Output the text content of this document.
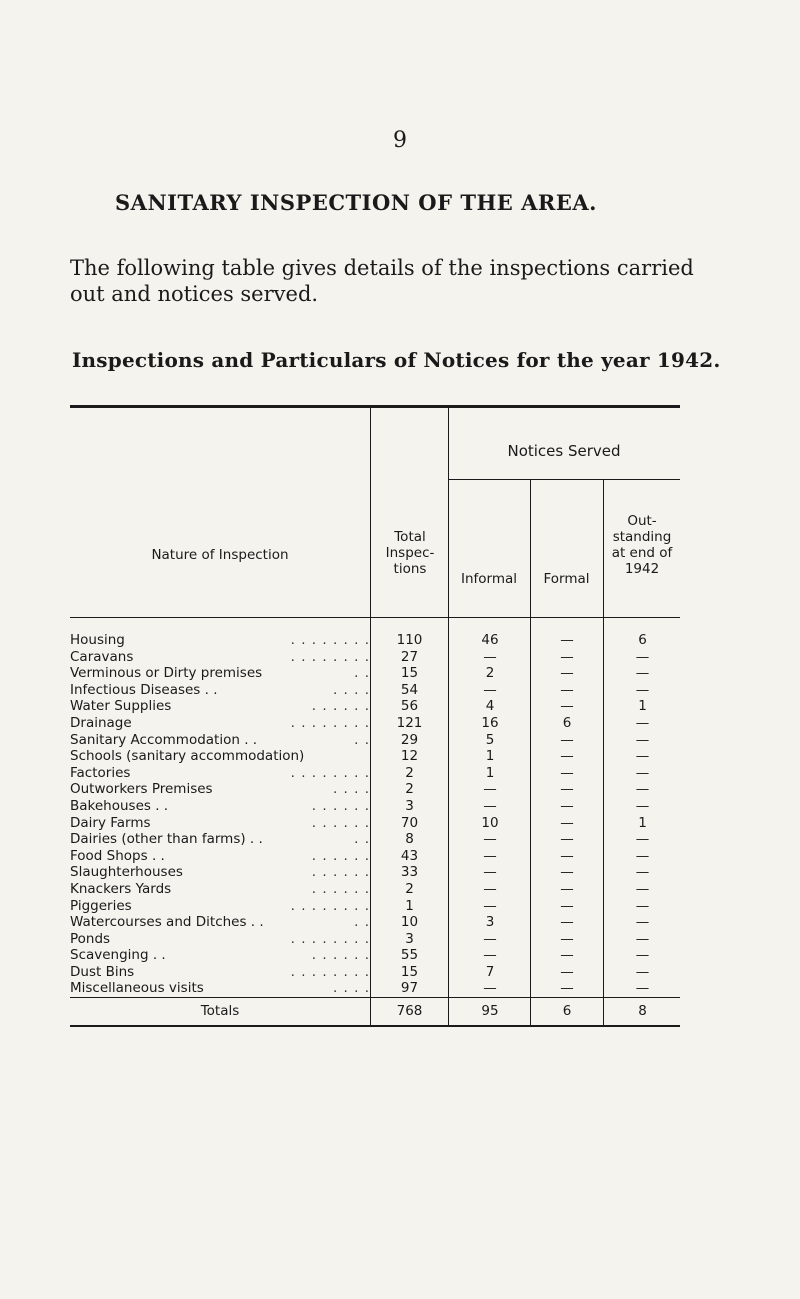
9
SANITARY INSPECTION OF THE AREA.
The following table gives details of the inspections carried out and notices served.
Inspections and Particulars of Notices for the year 1942.
Notices Served
Nature of Inspection
Total Inspec- tions
Informal	Formal
Out- standing at end of 1942
Housing	. . . . . . . .	110	46	—	6
Caravans	. . . . . . . .	27	—	—	—
Verminous or Dirty premises	. .	15	2	—	—
Infectious Diseases . .	. . . .	54	—	—	—
Water Supplies	. . . . . .	56	4	—	1
Drainage	. . . . . . . .	121	16	6	—
Sanitary Accommodation . .	. .	29	5	—	—
Schools (sanitary accommodation)	12	1	—	—
Factories	. . . . . . . .	2	1	—	—
Outworkers Premises	. . . .	2	—	—	—
Bakehouses . .	. . . . . .	3	—	—	—
Dairy Farms	. . . . . .	70	10	—	1
Dairies (other than farms) . .	. .	8	—	—	—
Food Shops . .	. . . . . .	43	—	—	—
Slaughterhouses	. . . . . .	33	—	—	—
Knackers Yards	. . . . . .	2	—	—	—
Piggeries	. . . . . . . .	1	—	—	—
Watercourses and Ditches . .	. .	10	3	—	—
Ponds	. . . . . . . .	3	—	—	—
Scavenging . .	. . . . . .	55	—	—	—
Dust Bins	. . . . . . . .	15	7	—	—
Miscellaneous visits	. . . .	97	—	—	—
Totals	768	95	6	8
